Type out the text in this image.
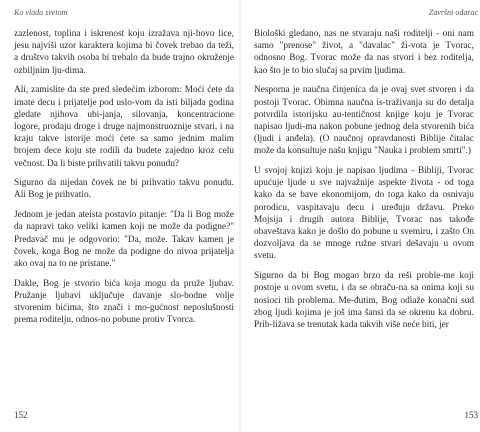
Ko vlada svetom

zazlenost, toplina i iskrenost koju izražava nji-hovo lice, jesu najviši uzor karaktera kojima bi čovek trebao da teži, a društvo takvih osoba bi trebalo da bude trajno okruženje ozbiljnim lju-dima.

Ali, zamislite da ste pred sledećim izborom: Moći ćete da imate decu i prijatelje pod uslo-vom da isti biljada godina gledate njihova ubi-janja, silovanja, koncentracione logore, prodaju droge i druge najmonstruoznije stvari, i na kraju takve istorije moći ćete sa samo jednim malim brojem dece koju ste rodili da budete zajedno kroz celu večnost. Da li biste prihvatili takvu ponudu?

Sigurno da nijedan čovek ne bi prihvatio takvu ponudu. Ali Bog je prihvatio.

Jednom je jedan ateista postavio pitanje: "Da li Bog može da napravi tako veliki kamen koji ne može da podigne?" Predavač mu je odgovorio: "Da, može. Takav kamen je čovek, koga Bog ne može da podigne do nivoa prijatelja ako ovaj na to ne pristane."

Dakle, Bog je stvorio bića koja mogu da pruže ljubav. Pružanje ljubavi uključuje davanje slo-bodne volje stvorenim bićima, što znači i mo-gućnost neposlušnosti prema roditelju, odnos-no pobune protiv Tvorca.

152
Završni odarac

Biološki gledano, nas ne stvaraju naši roditelji - oni nam samo "prenose" život, a "davalac" ži-vota je Tvorac, odnosno Bog. Tvorac može da nas stvori i bez roditelja, kao što je to bio slučaj sa prvim ljudima.

Nesporna je naučna činjenica da je ovaj svet stvoren i da postoji Tvorac. Obimna naučna is-traživanja su do detalja potvrdila istorijsku au-tentičnost knjige koju je Tvorac napisao ljudi-ma nakon pobune jednog dela stvorenih bića (ljudi i anđela). (O naučnoj opravdanosti Biblije čitalac može da konsultuje našu knjigu "Nauka i problem smrti".)

U svojoj knjizi koju je napisao ljudima - Bibliji, Tvorac upućuje ljude u sve najvažnije aspekte života - od toga kako da se bave ekonomijom, do toga kako da osnivaju porodicu, vaspitavaju decu i uređuju državu. Preko Mojsija i drugih autora Biblije, Tvorac nas takođe obaveštava kako je došlo do pobune u svemiru, i zašto On dozvoljava da se mnoge ružne stvari dešavaju u ovom svetu.

Sigurno da bi Bog mogao brzo da reši proble-me koji postoje u ovom svetu, i da se obraču-na sa onima koji su nosioci tih problema. Me-đutim, Bog odlaže konačni sud zbog ljudi kojima je još ima šansi da se okrenu ka dobru. Prib-ližava se trenutak kada takvih više neće biti, jer

153
